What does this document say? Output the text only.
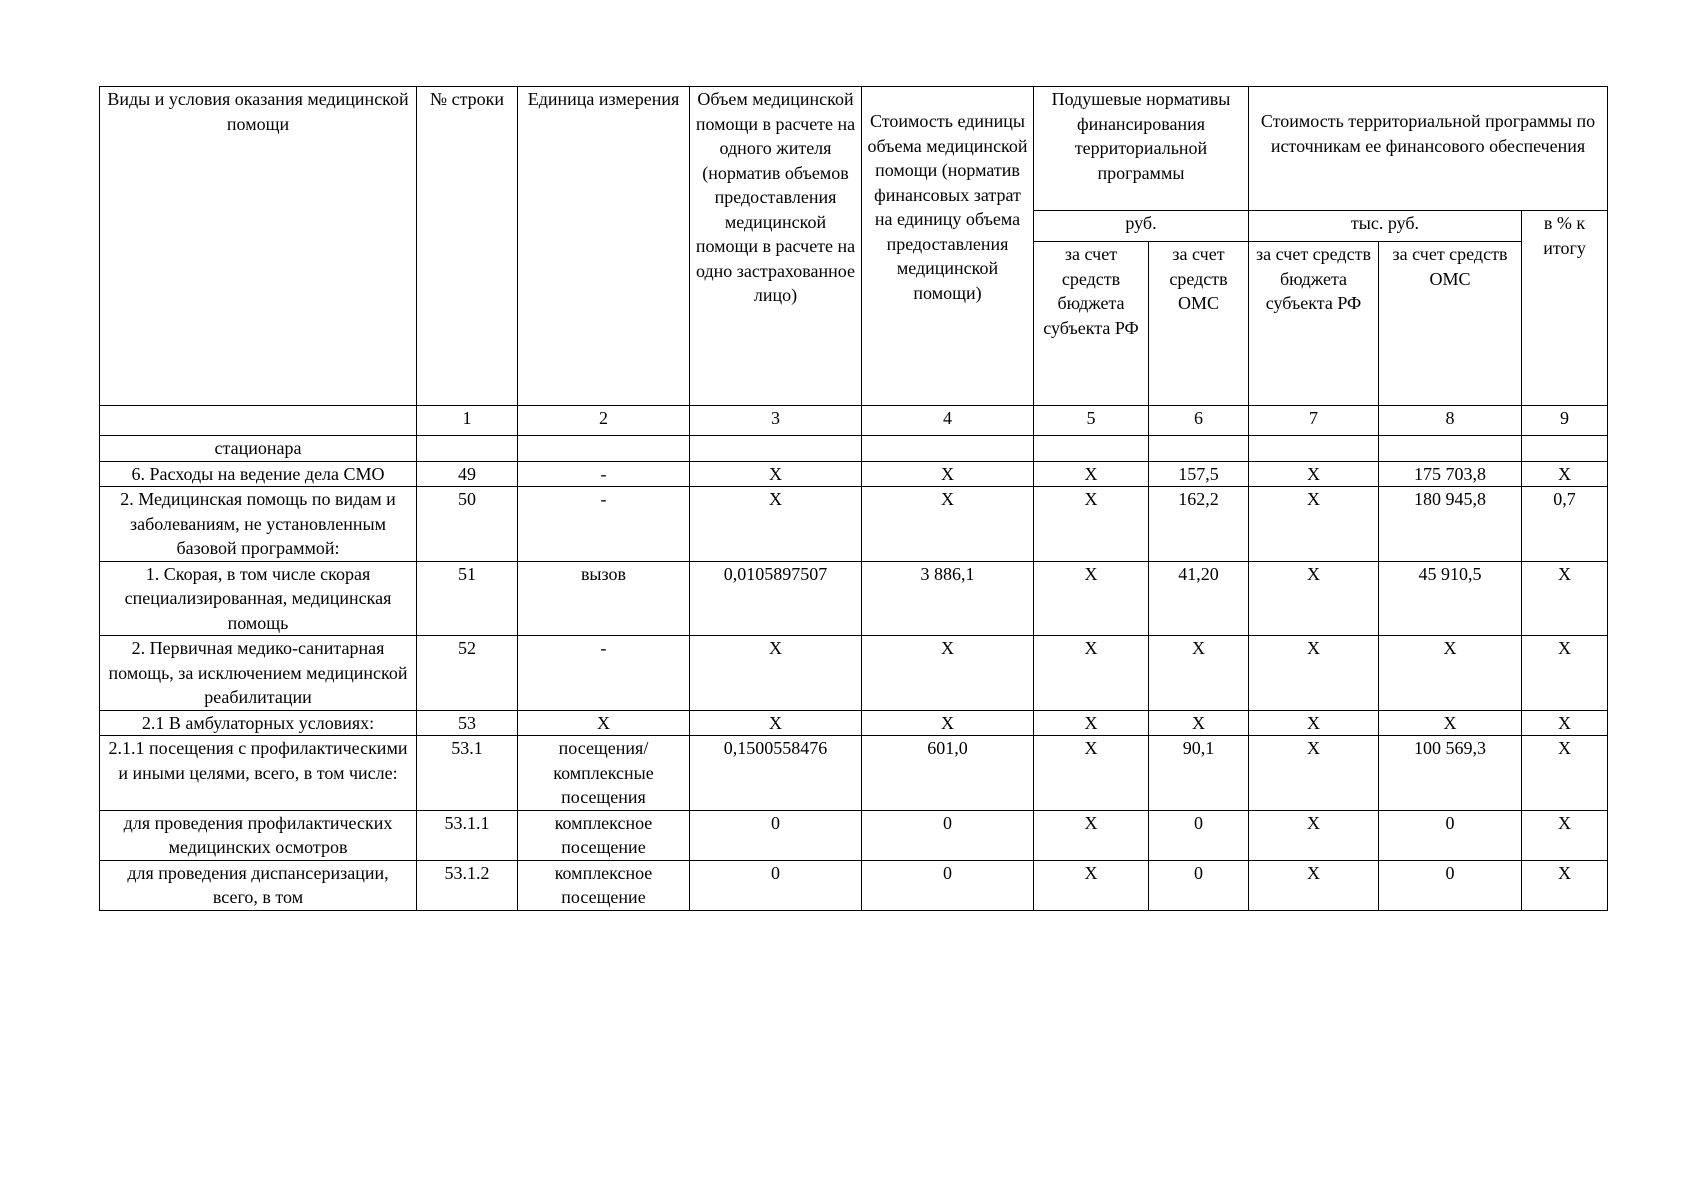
Виды и условия оказания медицинской помощи	№ строки	Единица измерения	Объем медицинской помощи в расчете на одного жителя (норматив объемов предоставления медицинской помощи в расчете на одно застрахованное лицо)	Стоимость единицы объема медицинской помощи (норматив финансовых затрат на единицу объема предоставления медицинской помощи)	Подушевые нормативы финансирования территориальной программы		Стоимость территориальной программы по источникам ее финансового обеспечения		
					руб.		тыс. руб.		в % к итогу
					за счет средств бюджета субъекта РФ	за счет средств ОМС	за счет средств бюджета субъекта РФ	за счет средств ОМС	
	1	2	3	4	5	6	7	8	9
стационара									
6. Расходы на ведение дела СМО	49	-	X	X	X	157,5	X	175 703,8	X
2. Медицинская помощь по видам и заболеваниям, не установленным базовой программой:	50	-	X	X	X	162,2	X	180 945,8	0,7
1. Скорая, в том числе скорая специализированная, медицинская помощь	51	вызов	0,0105897507	3 886,1	X	41,20	X	45 910,5	X
2. Первичная медико-санитарная помощь, за исключением медицинской реабилитации	52	-	X	X	X	X	X	X	X
2.1 В амбулаторных условиях:	53	X	X	X	X	X	X	X	X
2.1.1 посещения с профилактическими и иными целями, всего, в том числе:	53.1	посещения/ комплексные посещения	0,1500558476	601,0	X	90,1	X	100 569,3	X
для проведения профилактических медицинских осмотров	53.1.1	комплексное посещение	0	0	X	0	X	0	X
для проведения диспансеризации, всего, в том	53.1.2	комплексное посещение	0	0	X	0	X	0	X
